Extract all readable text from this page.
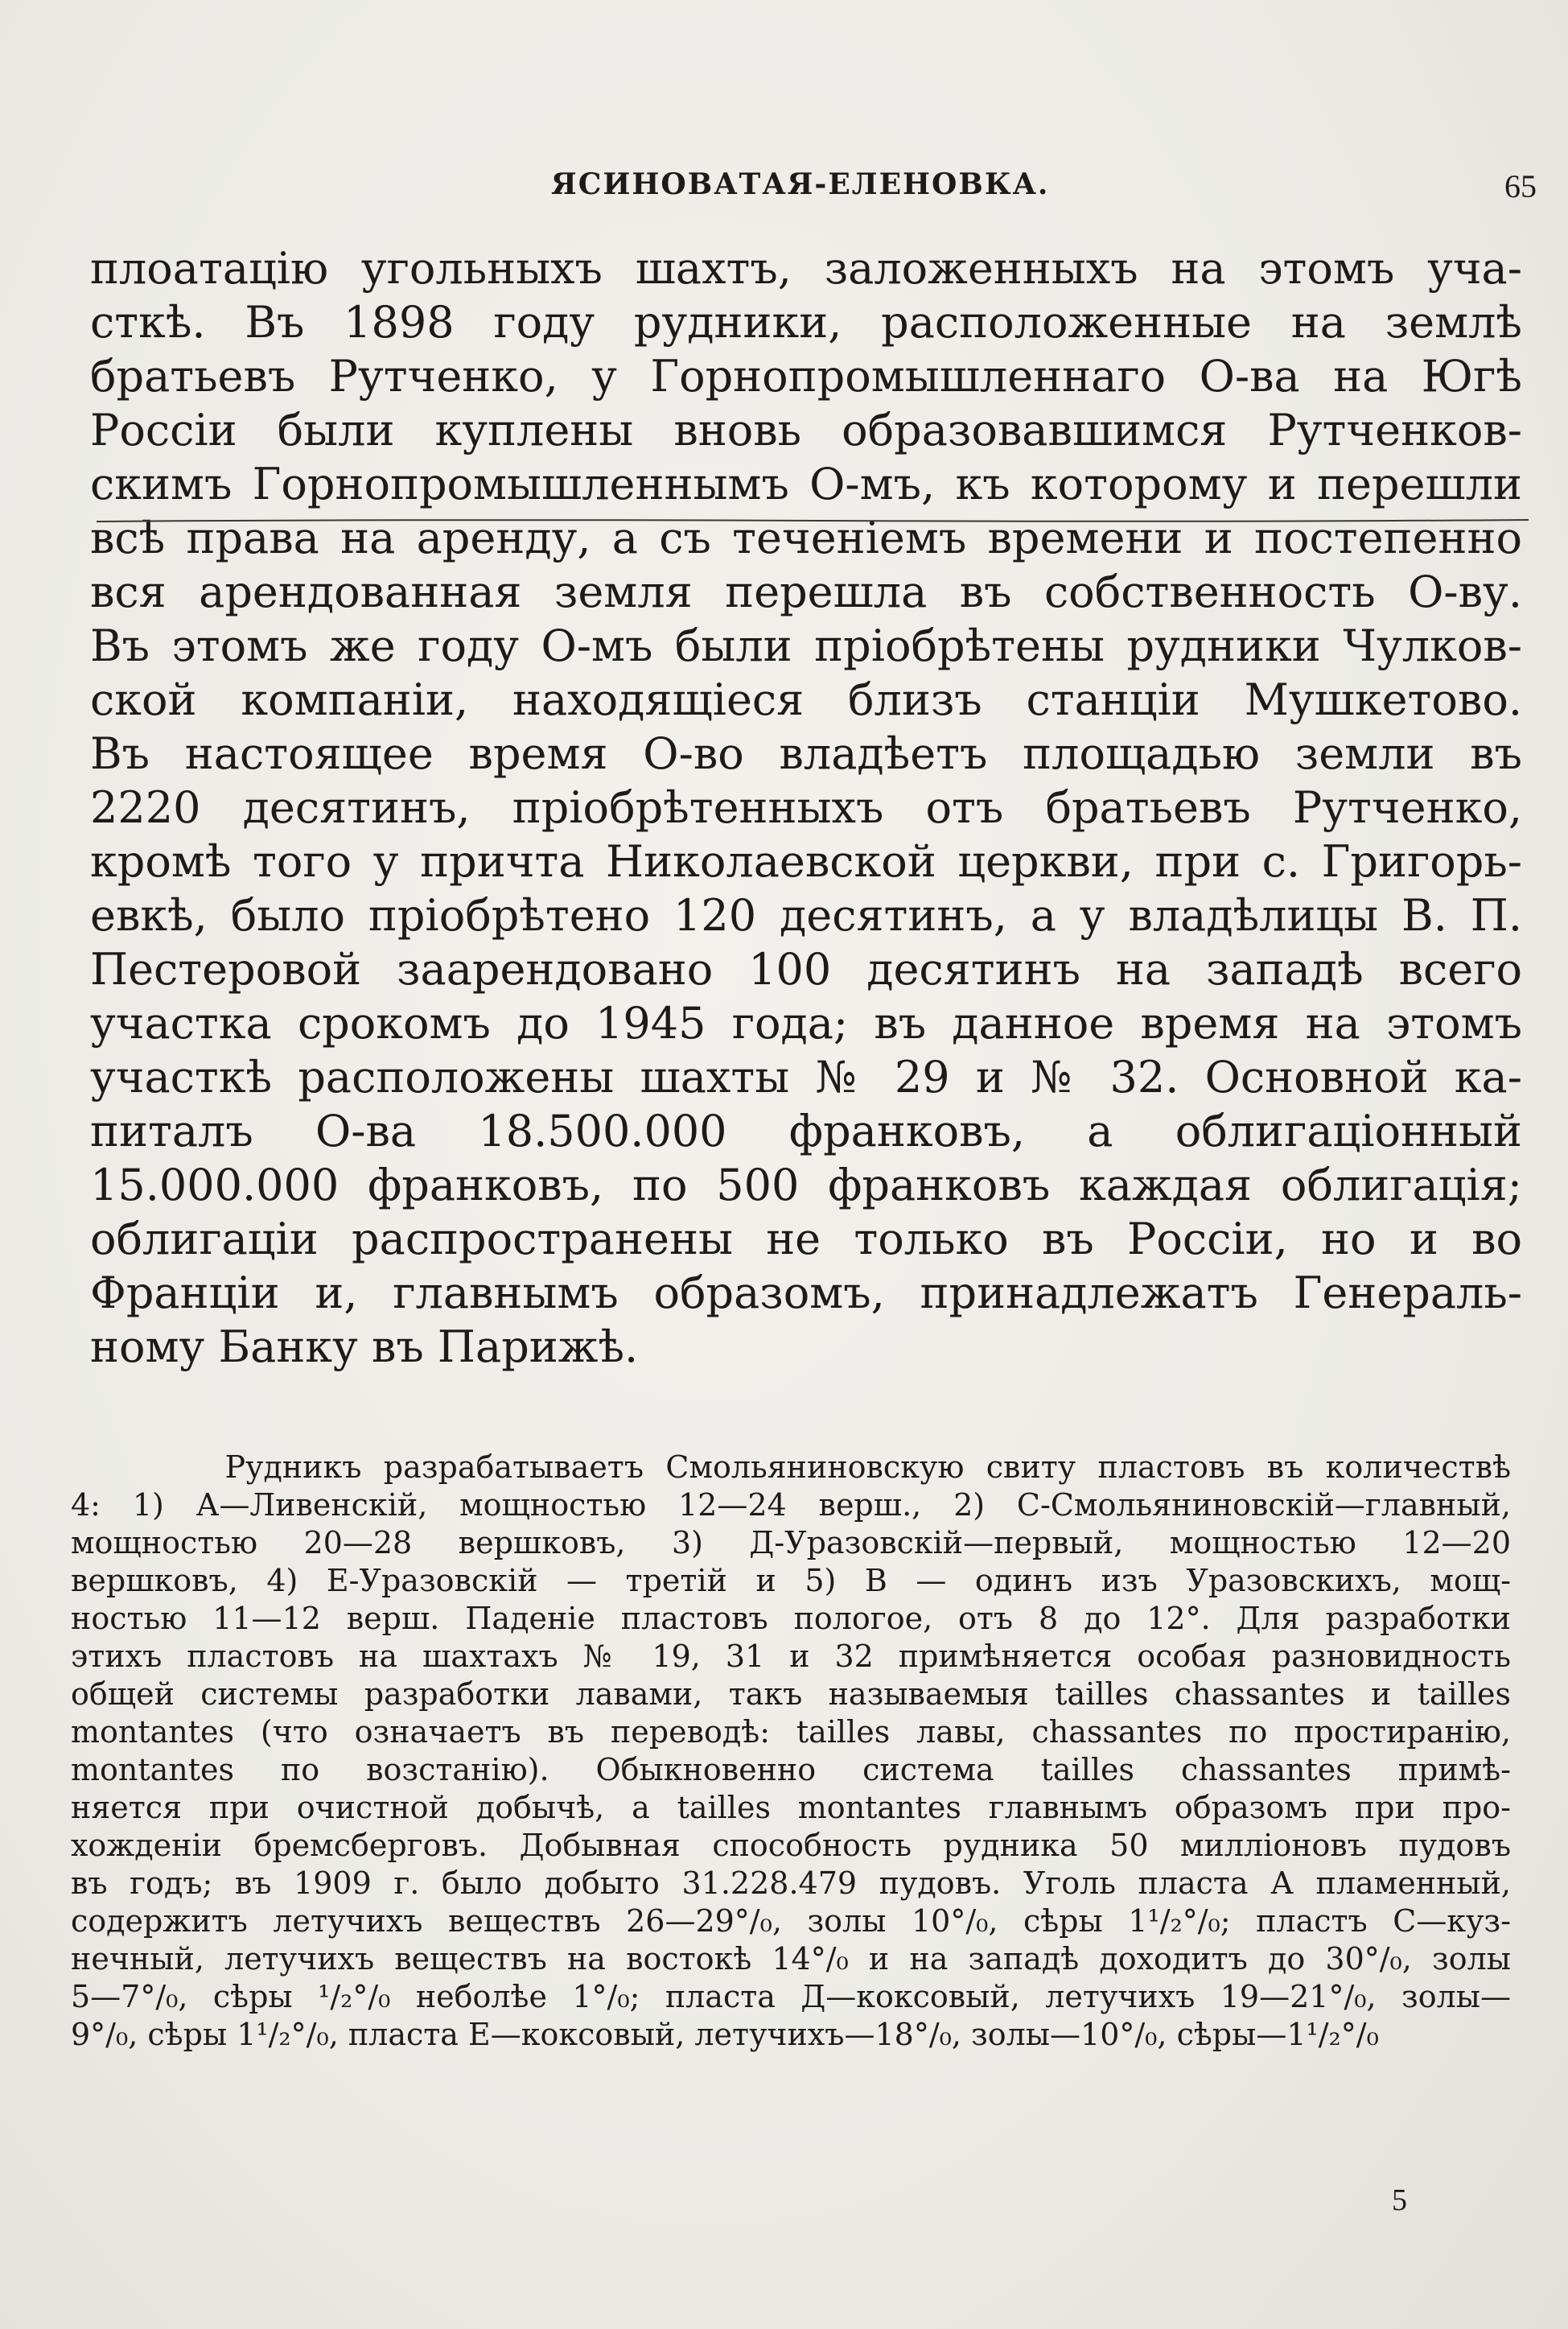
ЯСИНОВАТАЯ-ЕЛЕНОВКА.	65
плоатацію угольныхъ шахтъ, заложенныхъ на этомъ уча-
сткѣ. Въ 1898 году рудники, расположенные на землѣ
братьевъ Рутченко, у Горнопромышленнаго О-ва на Югѣ
Россіи были куплены вновь образовавшимся Рутченков-
скимъ Горнопромышленнымъ О-мъ, къ которому и перешли
всѣ права на аренду, а съ теченіемъ времени и постепенно
вся арендованная земля перешла въ собственность О-ву.
Въ этомъ же году О-мъ были пріобрѣтены рудники Чулков-
ской компаніи, находящіеся близъ станціи Мушкетово.
Въ настоящее время О-во владѣетъ площадью земли въ
2220 десятинъ, пріобрѣтенныхъ отъ братьевъ Рутченко,
кромѣ того у причта Николаевской церкви, при с. Григорь-
евкѣ, было пріобрѣтено 120 десятинъ, а у владѣлицы В. П.
Пестеровой заарендовано 100 десятинъ на западѣ всего
участка срокомъ до 1945 года; въ данное время на этомъ
участкѣ расположены шахты № 29 и № 32. Основной ка-
питалъ О-ва 18.500.000 франковъ, а облигаціонный
15.000.000 франковъ, по 500 франковъ каждая облигація;
облигаціи распространены не только въ Россіи, но и во
Франціи и, главнымъ образомъ, принадлежатъ Генераль-
ному Банку въ Парижѣ.
Рудникъ разрабатываетъ Смольяниновскую свиту пластовъ въ количествѣ
4: 1) А—Ливенскій, мощностью 12—24 верш., 2) С-Смольяниновскій—главный,
мощностью 20—28 вершковъ, 3) Д-Уразовскій—первый, мощностью 12—20
вершковъ, 4) Е-Уразовскій — третій и 5) В — одинъ изъ Уразовскихъ, мощ-
ностью 11—12 верш. Паденіе пластовъ пологое, отъ 8 до 12°. Для разработки
этихъ пластовъ на шахтахъ № 19, 31 и 32 примѣняется особая разновидность
общей системы разработки лавами, такъ называемыя tailles chassantes и tailles
montantes (что означаетъ въ переводѣ: tailles лавы, chassantes по простиранію,
montantes по возстанію). Обыкновенно система tailles chassantes примѣ-
няется при очистной добычѣ, а tailles montantes главнымъ образомъ при про-
хожденіи бремсберговъ. Добывная способность рудника 50 милліоновъ пудовъ
въ годъ; въ 1909 г. было добыто 31.228.479 пудовъ. Уголь пласта А пламенный,
содержитъ летучихъ веществъ 26—29°/₀, золы 10°/₀, сѣры 1¹/₂°/₀; пластъ С—куз-
нечный, летучихъ веществъ на востокѣ 14°/₀ и на западѣ доходитъ до 30°/₀, золы
5—7°/₀, сѣры ¹/₂°/₀ неболѣе 1°/₀; пласта Д—коксовый, летучихъ 19—21°/₀, золы—
9°/₀, сѣры 1¹/₂°/₀, пласта Е—коксовый, летучихъ—18°/₀, золы—10°/₀, сѣры—1¹/₂°/₀
5
